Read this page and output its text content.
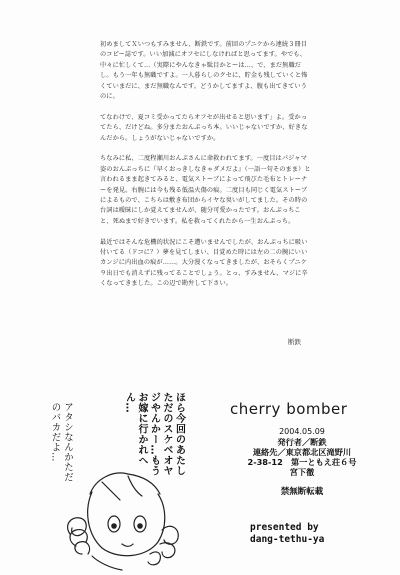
初めましてＸいつもすみません、断鉄です。前回のプニケから連続３冊目のコピー誌です。いい加減にオフセにしなければと思ってます。やでも、中々に忙しくて…（実際にやんなきゃ駄目かとーは…、で、まだ無職だし。もう一年も無職ですよ。一人暮らしのクセに、貯金も残していくと怖くていまだに、まだ無職なんです。どうかしてますよ、腹も出てきていうのに。

てなわけで、夏コミ受かってたらオフセが出せると思います」よ。受かってたら、だけどね。多分またおんぷっち本。いいじゃないですか、好きなんだから。しょうがないじゃないですか。

ちなみに私、二度程瀬川おんぷさんに命救われてます。一度目はパジャマ姿のおんぷっちに『早くおっきしなきゃダメだよ』（一語一句そのまま）と言われるまま起きてみると、電気ストーブによって飛びた毛布とトレーナーを発見。右腕には今も残る低温火傷の痕。二度目も同じく電気ストーブによるもので、こちらは敷き布団からイヤな臭いがしてました。その時の台詞は曖昧にしか覚えてませんが、随分可愛かったです。おんぷっちこと、死ぬまで好きでいます。私を救ってくれたから一生おんぷっち。

最近ではそんな危機的状況にこそ遭いませんでしたが、おんぷっちに吸い付いてる（ドコに？）夢を見てしまい、目覚めた時には左の二の腕にいいカンジに内出血の痕が……。大分漫くなってきましたが、おそらくプニケ９出日でも消えずに残ってることでしょう。とっ、すみません、マジに辛くなってきました。この辺で勘弁して下さい。

断鉄
ほら今回のあたしただのスケベオヤジやんかー…もうお嫁に行かれへん…
アタシなんかただのバカだよ…	cherry bomber
2004.05.09
発行者／断鉄
連絡先／東京都北区滝野川
2-38-12　第一ともえ荘６号
宮下徹
禁無断転載
presented by
dang-tethu-ya
